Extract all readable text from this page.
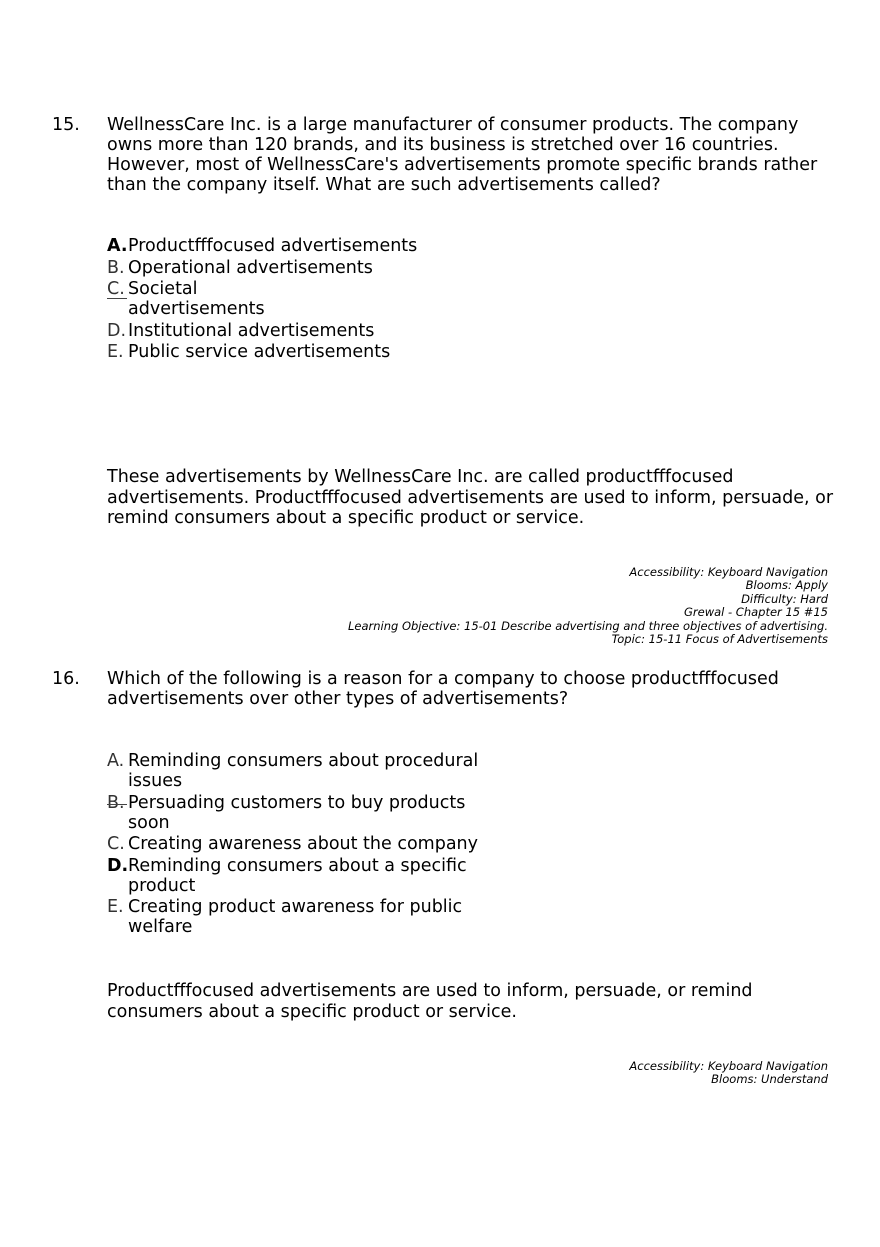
15. WellnessCare Inc. is a large manufacturer of consumer products. The company owns more than 120 brands, and its business is stretched over 16 countries. However, most of WellnessCare's advertisements promote specific brands rather than the company itself. What are such advertisements called?
A. Productfffocused advertisements
B. Operational advertisements
C. Societal advertisements
D. Institutional advertisements
E. Public service advertisements
These advertisements by WellnessCare Inc. are called productfffocused advertisements. Productfffocused advertisements are used to inform, persuade, or remind consumers about a specific product or service.
Accessibility: Keyboard Navigation
Blooms: Apply
Difficulty: Hard
Grewal - Chapter 15 #15
Learning Objective: 15-01 Describe advertising and three objectives of advertising.
Topic: 15-11 Focus of Advertisements
16. Which of the following is a reason for a company to choose productfffocused advertisements over other types of advertisements?
A. Reminding consumers about procedural issues
B. Persuading customers to buy products soon
C. Creating awareness about the company
D. Reminding consumers about a specific product
E. Creating product awareness for public welfare
Productfffocused advertisements are used to inform, persuade, or remind consumers about a specific product or service.
Accessibility: Keyboard Navigation
Blooms: Understand
